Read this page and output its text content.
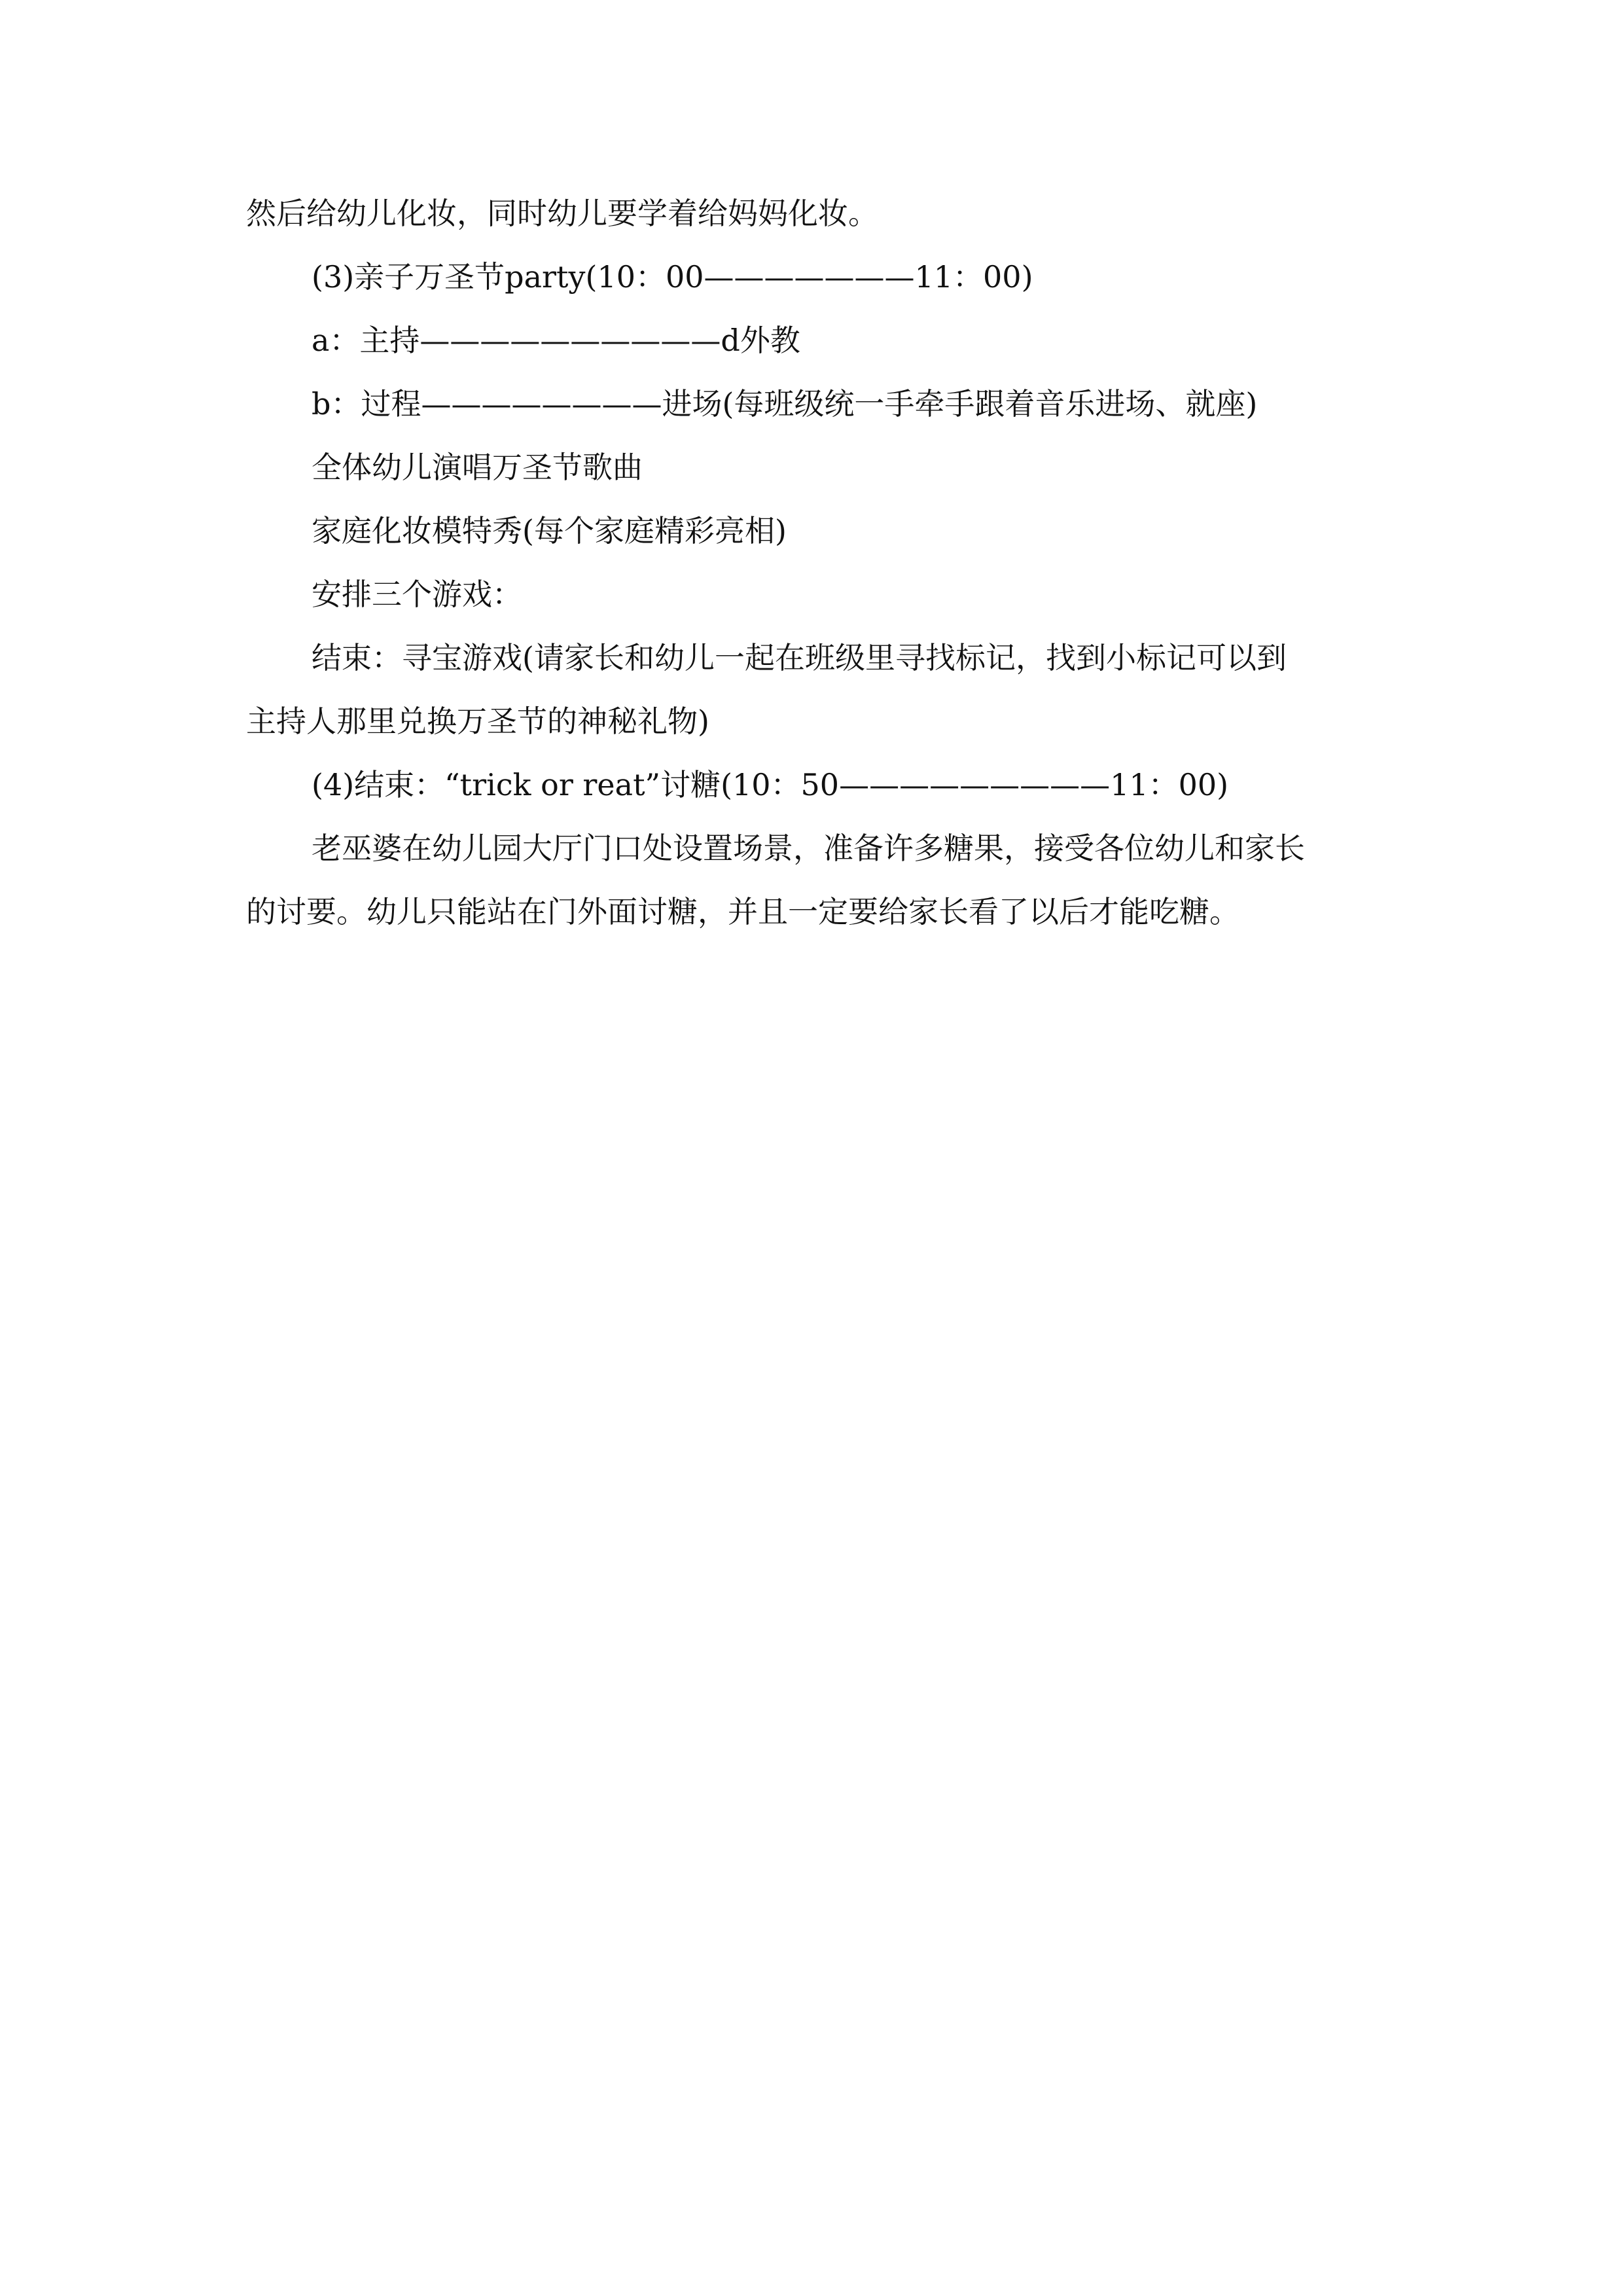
然后给幼儿化妆，同时幼儿要学着给妈妈化妆。
(3)亲子万圣节party(10：00———————11：00)
a：主持——————————d外教
b：过程————————进场(每班级统一手牵手跟着音乐进场、就座)
全体幼儿演唱万圣节歌曲
家庭化妆模特秀(每个家庭精彩亮相)
安排三个游戏：
结束：寻宝游戏(请家长和幼儿一起在班级里寻找标记，找到小标记可以到
主持人那里兑换万圣节的神秘礼物)
(4)结束：“trick or reat”讨糖(10：50—————————11：00)
老巫婆在幼儿园大厅门口处设置场景，准备许多糖果，接受各位幼儿和家长
的讨要。幼儿只能站在门外面讨糖，并且一定要给家长看了以后才能吃糖。
